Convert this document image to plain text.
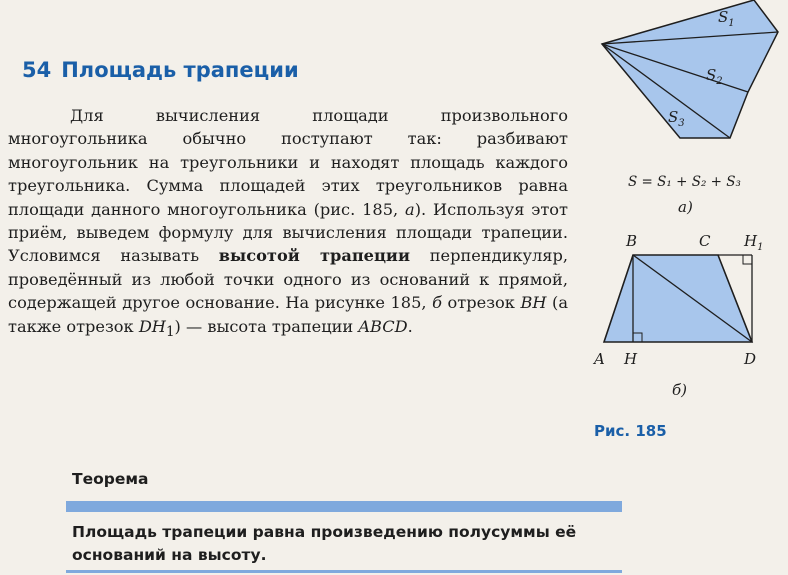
54 Площадь трапеции
Для вычисления площади произвольного многоугольника обычно поступают так: разбивают многоугольник на треугольники и находят площадь каждого треугольника. Сумма площадей этих треугольников равна площади данного многоугольника (рис. 185, а). Используя этот приём, выведем формулу для вычисления площади трапеции. Условимся называть высотой трапеции перпендикуляр, проведённый из любой точки одного из оснований к прямой, содержащей другое основание. На рисунке 185, б отрезок BH (а также отрезок $DH_1$) — высота трапеции ABCD.
$S_1$
$S_2$
$S_3$
S = S₁ + S₂ + S₃
а)
B	C $H_1$
A H	D
б)
Рис. 185
Теорема
Площадь трапеции равна произведению полусуммы её оснований на высоту.
